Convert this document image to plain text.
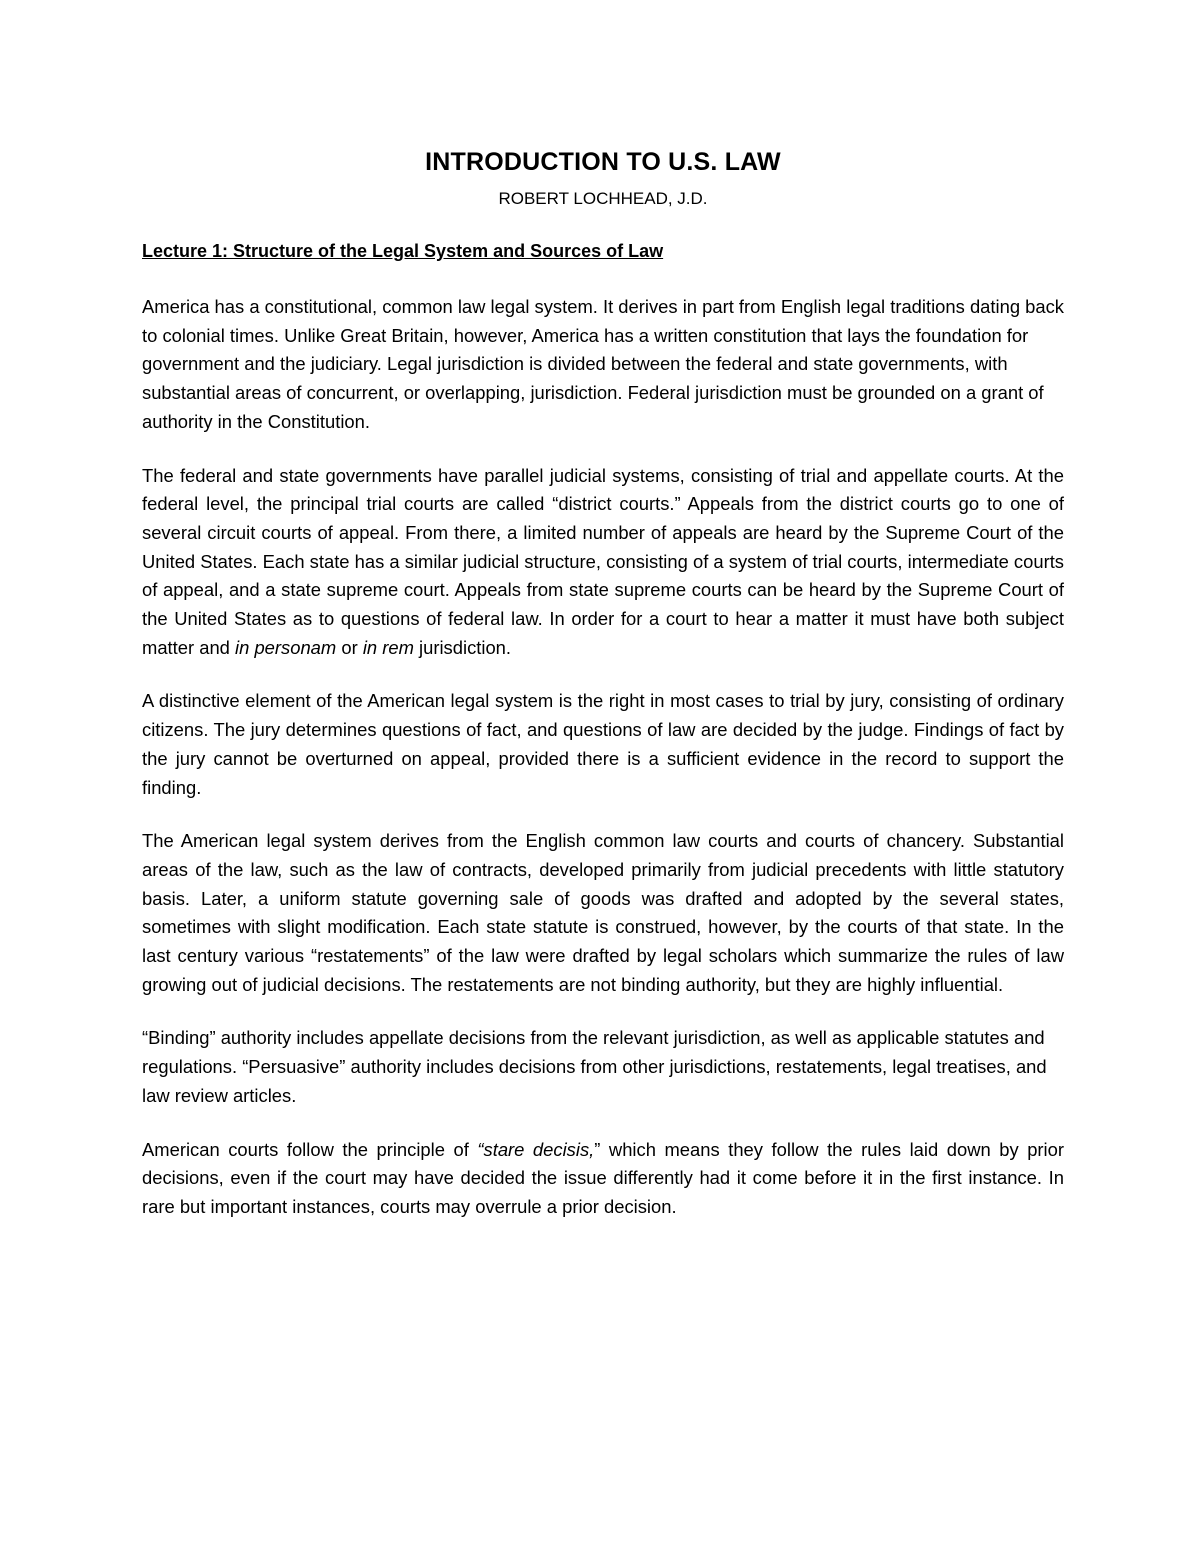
INTRODUCTION TO U.S. LAW
ROBERT LOCHHEAD, J.D.
Lecture 1: Structure of the Legal System and Sources of Law

America has a constitutional, common law legal system. It derives in part from English legal traditions dating back to colonial times. Unlike Great Britain, however, America has a written constitution that lays the foundation for government and the judiciary. Legal jurisdiction is divided between the federal and state governments, with substantial areas of concurrent, or overlapping, jurisdiction. Federal jurisdiction must be grounded on a grant of authority in the Constitution.

The federal and state governments have parallel judicial systems, consisting of trial and appellate courts. At the federal level, the principal trial courts are called “district courts.” Appeals from the district courts go to one of several circuit courts of appeal. From there, a limited number of appeals are heard by the Supreme Court of the United States. Each state has a similar judicial structure, consisting of a system of trial courts, intermediate courts of appeal, and a state supreme court. Appeals from state supreme courts can be heard by the Supreme Court of the United States as to questions of federal law. In order for a court to hear a matter it must have both subject matter and in personam or in rem jurisdiction.

A distinctive element of the American legal system is the right in most cases to trial by jury, consisting of ordinary citizens. The jury determines questions of fact, and questions of law are decided by the judge. Findings of fact by the jury cannot be overturned on appeal, provided there is a sufficient evidence in the record to support the finding.

The American legal system derives from the English common law courts and courts of chancery. Substantial areas of the law, such as the law of contracts, developed primarily from judicial precedents with little statutory basis. Later, a uniform statute governing sale of goods was drafted and adopted by the several states, sometimes with slight modification. Each state statute is construed, however, by the courts of that state. In the last century various “restatements” of the law were drafted by legal scholars which summarize the rules of law growing out of judicial decisions. The restatements are not binding authority, but they are highly influential.

“Binding” authority includes appellate decisions from the relevant jurisdiction, as well as applicable statutes and regulations. “Persuasive” authority includes decisions from other jurisdictions, restatements, legal treatises, and law review articles.

American courts follow the principle of “stare decisis,” which means they follow the rules laid down by prior decisions, even if the court may have decided the issue differently had it come before it in the first instance. In rare but important instances, courts may overrule a prior decision.
